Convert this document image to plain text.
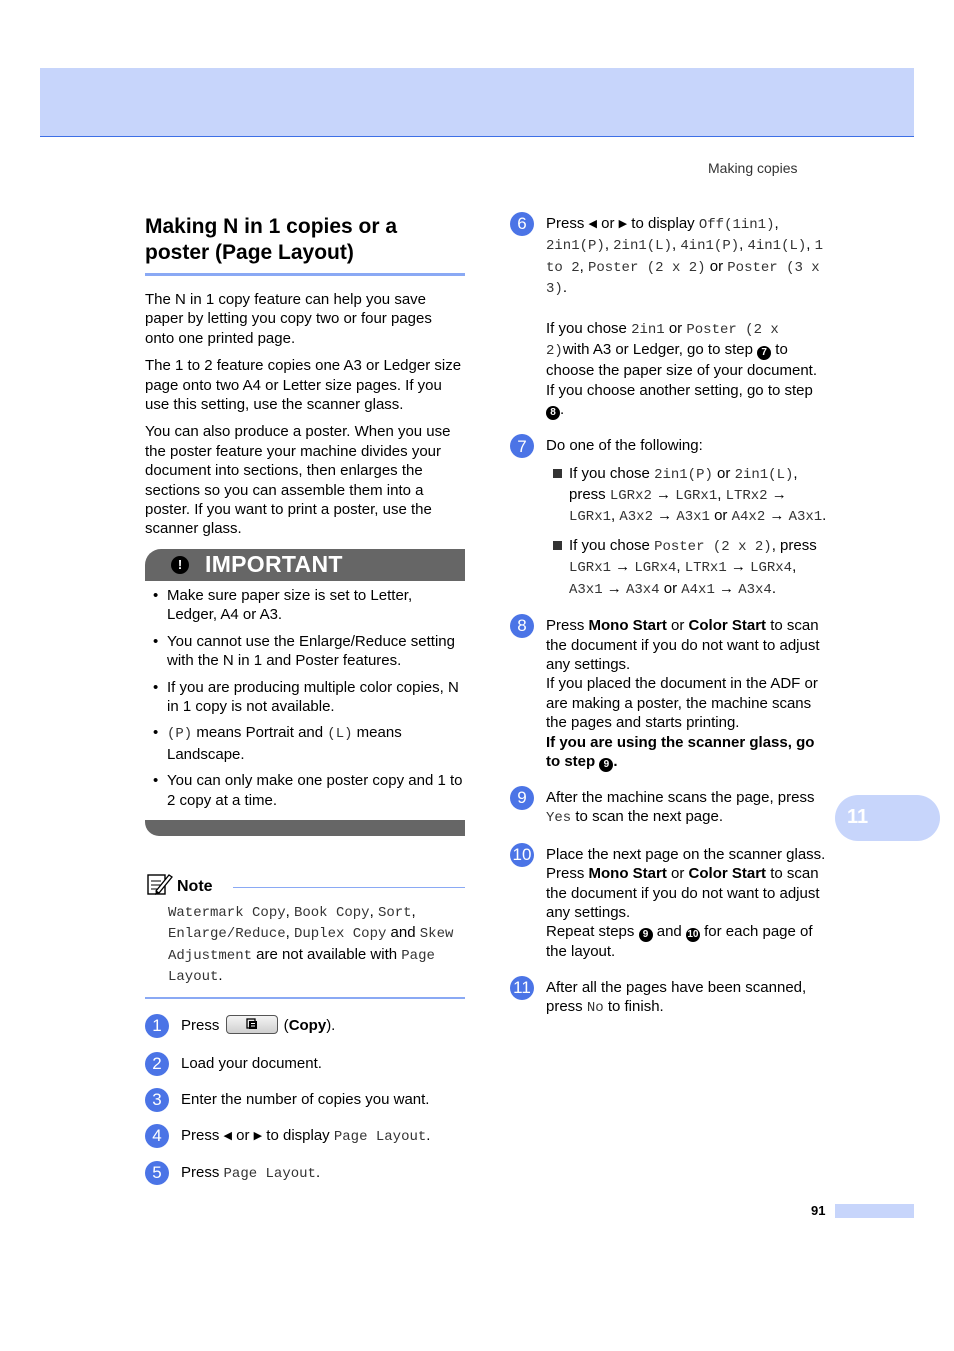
Making copies
Making N in 1 copies or a poster (Page Layout)

The N in 1 copy feature can help you save paper by letting you copy two or four pages onto one printed page.

The 1 to 2 feature copies one A3 or Ledger size page onto two A4 or Letter size pages. If you use this setting, use the scanner glass.

You can also produce a poster. When you use the poster feature your machine divides your document into sections, then enlarges the sections so you can assemble them into a poster. If you want to print a poster, use the scanner glass.

! IMPORTANT
• Make sure paper size is set to Letter, Ledger, A4 or A3.
• You cannot use the Enlarge/Reduce setting with the N in 1 and Poster features.
• If you are producing multiple color copies, N in 1 copy is not available.
• (P) means Portrait and (L) means Landscape.
• You can only make one poster copy and 1 to 2 copy at a time.
Note
Watermark Copy, Book Copy, Sort, Enlarge/Reduce, Duplex Copy and Skew Adjustment are not available with Page Layout.
1	Press	(Copy).
2	Load your document.
3	Enter the number of copies you want.
4	Press ◀ or ▶ to display Page Layout.
5	Press Page Layout.
6	Press ◀ or ▶ to display Off(1in1), 2in1(P), 2in1(L), 4in1(P), 4in1(L), 1 to 2, Poster (2 x 2) or Poster (3 x 3).
If you chose 2in1 or Poster (2 x 2)with A3 or Ledger, go to step 7 to choose the paper size of your document.
If you choose another setting, go to step 8 .
7	Do one of the following:
If you chose 2in1(P) or 2in1(L), press LGRx2 → LGRx1, LTRx2 → LGRx1, A3x2 → A3x1 or A4x2 → A3x1.
If you chose Poster (2 x 2), press LGRx1 → LGRx4, LTRx1 → LGRx4, A3x1 → A3x4 or A4x1 → A3x4.
8	Press Mono Start or Color Start to scan the document if you do not want to adjust any settings.
If you placed the document in the ADF or are making a poster, the machine scans the pages and starts printing.
If you are using the scanner glass, go to step 9 .
9	After the machine scans the page, press Yes to scan the next page.
10 Place the next page on the scanner glass. Press Mono Start or Color Start to scan the document if you do not want to adjust any settings.
Repeat steps 9 and 10 for each page of the layout.
11 After all the pages have been scanned, press No to finish.
11
91
